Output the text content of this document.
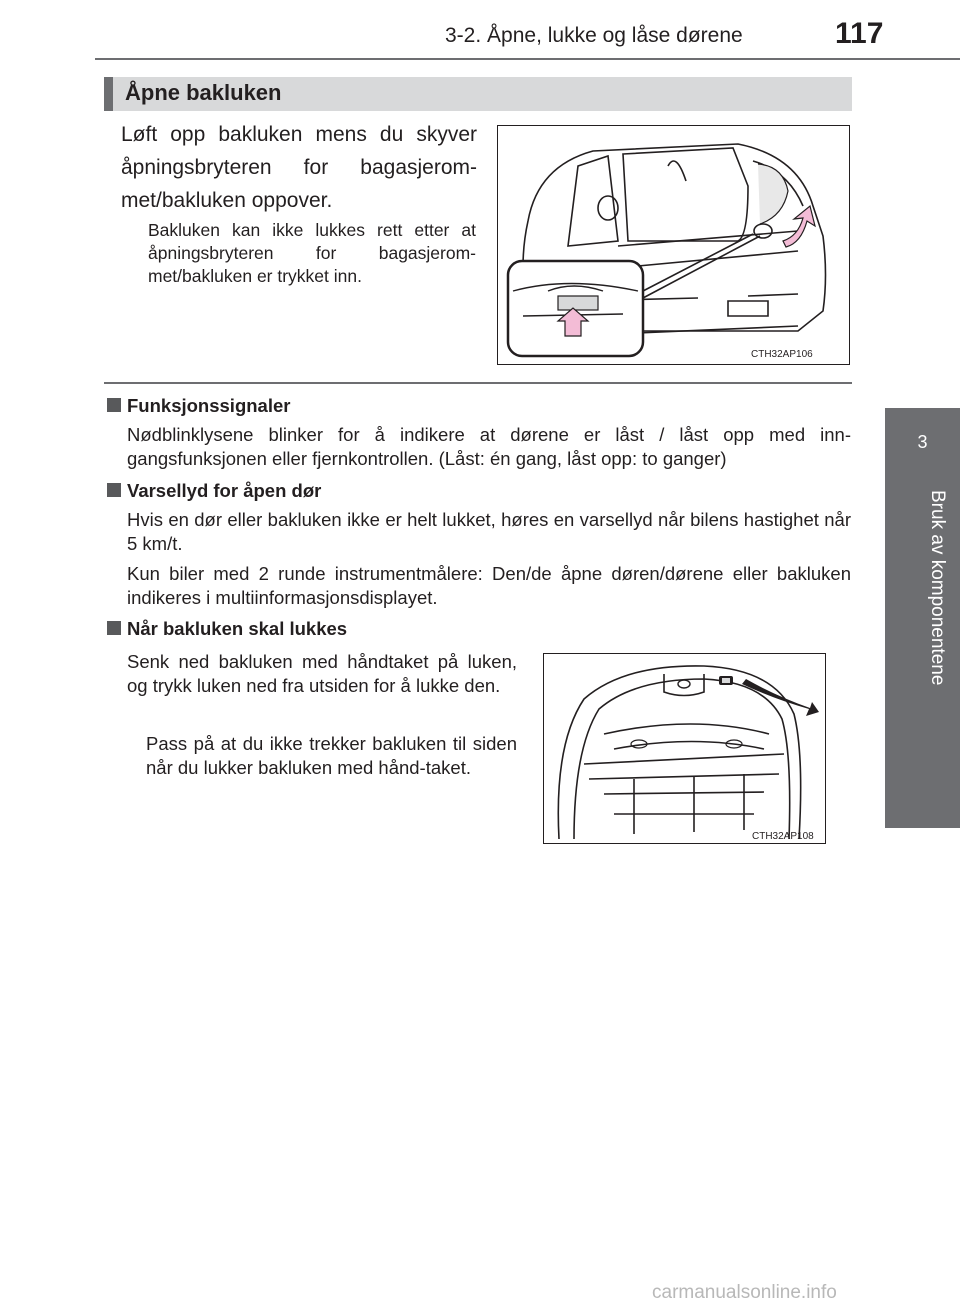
3-2. Åpne, lukke og låse dørene	117
3
Bruk av komponentene
Åpne bakluken
Løft opp bakluken mens du skyver åpningsbryteren for bagasjerom-met/bakluken oppover.
Bakluken kan ikke lukkes rett etter at åpningsbryteren for bagasjerom-met/bakluken er trykket inn.
CTH32AP106
Funksjonssignaler
Nødblinklysene blinker for å indikere at dørene er låst / låst opp med inn-gangsfunksjonen eller fjernkontrollen. (Låst: én gang, låst opp: to ganger)
Varsellyd for åpen dør
Hvis en dør eller bakluken ikke er helt lukket, høres en varsellyd når bilens hastighet når 5 km/t.
Kun biler med 2 runde instrumentmålere: Den/de åpne døren/dørene eller bakluken indikeres i multiinformasjonsdisplayet.
Når bakluken skal lukkes
Senk ned bakluken med håndtaket på luken, og trykk luken ned fra utsiden for å lukke den.
Pass på at du ikke trekker bakluken til siden når du lukker bakluken med hånd-taket.
CTH32AP108
carmanualsonline.info
